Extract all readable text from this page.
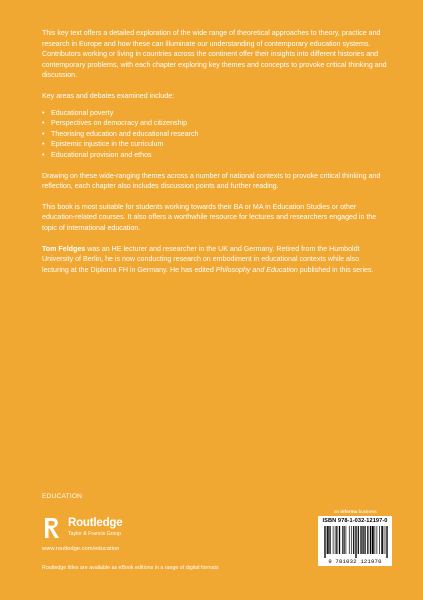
This key text offers a detailed exploration of the wide range of theoretical approaches to theory, practice and research in Europe and how these can illuminate our understanding of contemporary education systems. Contributors working or living in countries across the continent offer their insights into different histories and contemporary problems, with each chapter exploring key themes and concepts to provoke critical thinking and discussion.

Key areas and debates examined include:

• Educational poverty
• Perspectives on democracy and citizenship
• Theorising education and educational research
• Epistemic injustice in the curriculum
• Educational provision and ethos

Drawing on these wide-ranging themes across a number of national contexts to provoke critical thinking and reflection, each chapter also includes discussion points and further reading.

This book is most suitable for students working towards their BA or MA in Education Studies or other education-related courses. It also offers a worthwhile resource for lectures and researchers engaged in the topic of international education.

Tom Feldges was an HE lecturer and researcher in the UK and Germany. Retired from the Humboldt University of Berlin, he is now conducting research on embodiment in educational contexts while also lecturing at the Diploma FH in Germany. He has edited Philosophy and Education published in this series.

EDUCATION
Routledge
Taylor & Francis Group
www.routledge.com/education
Routledge titles are available as eBook editions in a range of digital formats
an informa business
ISBN 978-1-032-12197-0
9 781032 121970
